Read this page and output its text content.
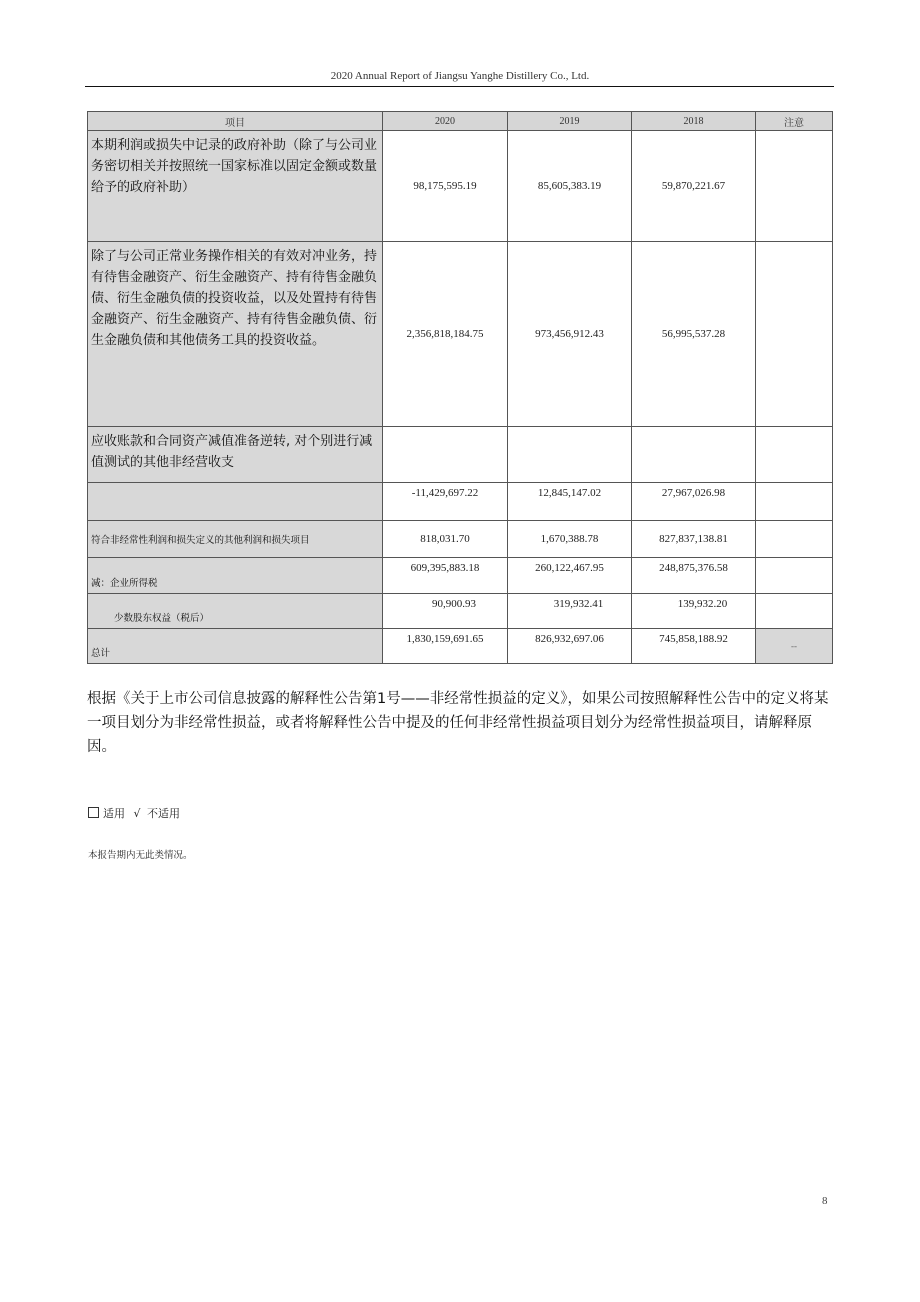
2020 Annual Report of Jiangsu Yanghe Distillery Co., Ltd.
项目	2020	2019	2018	注意

本期利润或损失中记录的政府补助（除了与公司业务密切相关并按照统一国家标准以固定金额或数量给予的政府补助）	98,175,595.19	85,605,383.19	59,870,221.67	

除了与公司正常业务操作相关的有效对冲业务，持有待售金融资产、衍生金融资产、持有待售金融负债、衍生金融负债的投资收益，以及处置持有待售金融资产、衍生金融资产、持有待售金融负债、衍生金融负债和其他债务工具的投资收益。	2,356,818,184.75	973,456,912.43	56,995,537.28	

应收账款和合同资产减值准备逆转, 对个别进行减值测试的其他非经营收支				

	-11,429,697.22	12,845,147.02	27,967,026.98	

符合非经常性利润和损失定义的其他利润和损失项目	818,031.70	1,670,388.78	827,837,138.81	

减：企业所得税	609,395,883.18	260,122,467.95	248,875,376.58	

少数股东权益（税后）	90,900.93	319,932.41	139,932.20	

总计	1,830,159,691.65	826,932,697.06	745,858,188.92	--
根据《关于上市公司信息披露的解释性公告第1号——非经常性损益的定义》，如果公司按照解释性公告中的定义将某一项目划分为非经常性损益，或者将解释性公告中提及的任何非经常性损益项目划分为经常性损益项目，请解释原因。
适用 √ 不适用
本报告期内无此类情况。
8
